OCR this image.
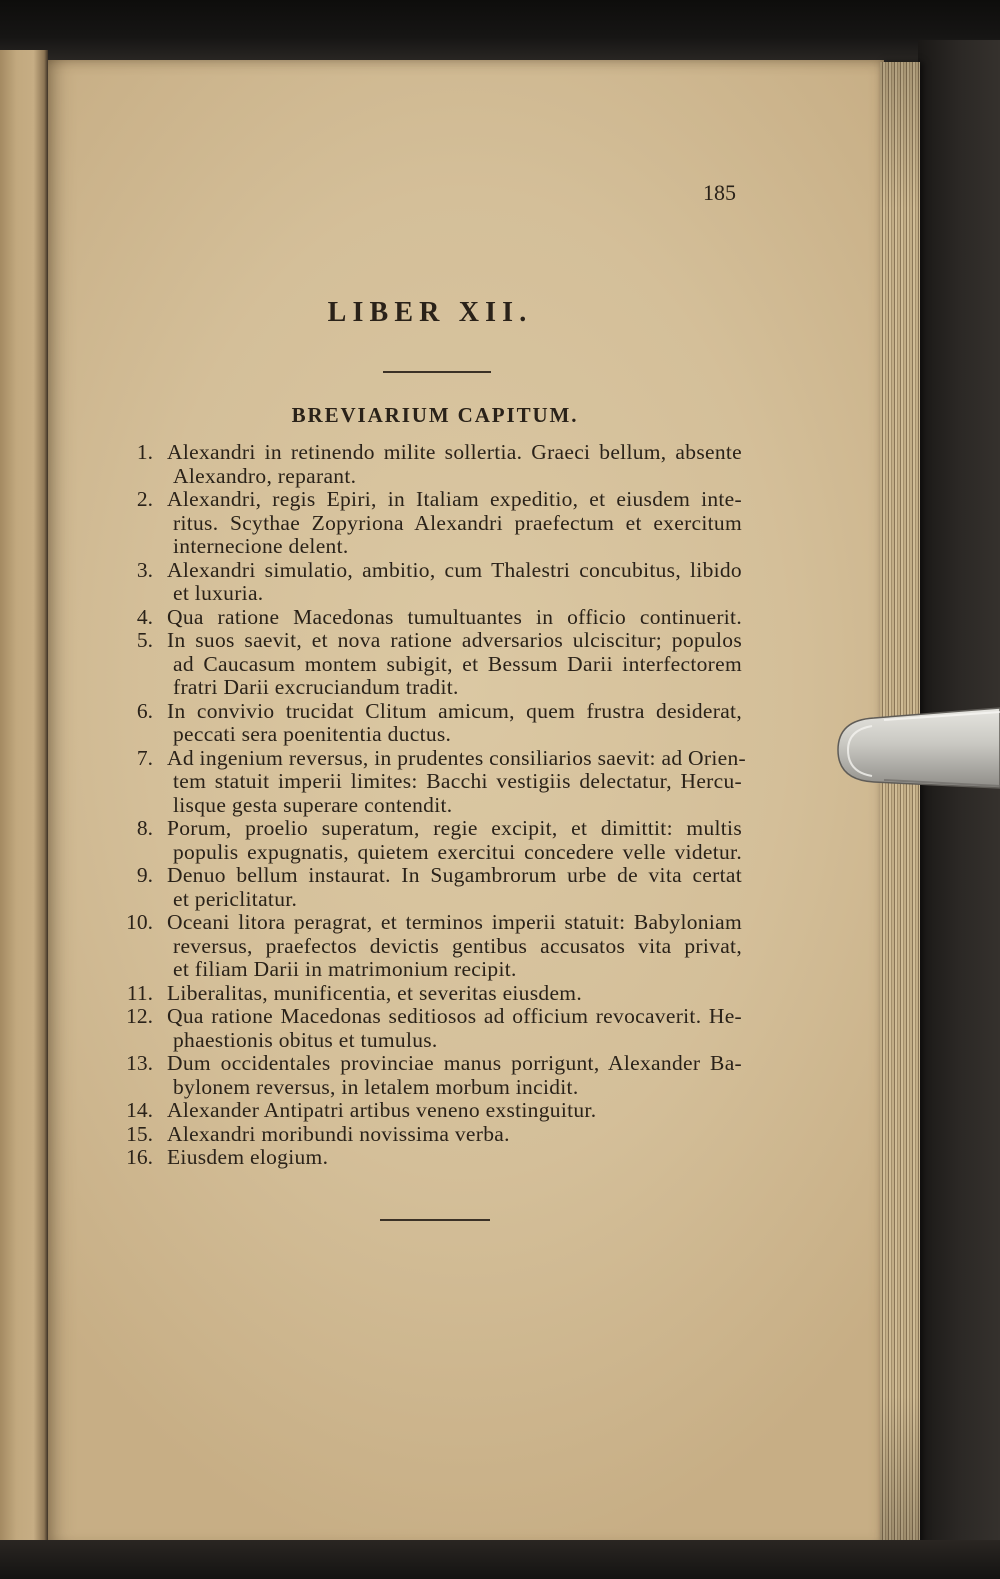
185
LIBER XII.
BREVIARIUM CAPITUM.
1. Alexandri in retinendo milite sollertia. Graeci bellum, absente
Alexandro, reparant.
2. Alexandri, regis Epiri, in Italiam expeditio, et eiusdem inte-
ritus. Scythae Zopyriona Alexandri praefectum et exercitum
internecione delent.
3. Alexandri simulatio, ambitio, cum Thalestri concubitus, libido
et luxuria.
4. Qua ratione Macedonas tumultuantes in officio continuerit.
5. In suos saevit, et nova ratione adversarios ulciscitur; populos
ad Caucasum montem subigit, et Bessum Darii interfectorem
fratri Darii excruciandum tradit.
6. In convivio trucidat Clitum amicum, quem frustra desiderat,
peccati sera poenitentia ductus.
7. Ad ingenium reversus, in prudentes consiliarios saevit: ad Orien-
tem statuit imperii limites: Bacchi vestigiis delectatur, Hercu-
lisque gesta superare contendit.
8. Porum, proelio superatum, regie excipit, et dimittit: multis
populis expugnatis, quietem exercitui concedere velle videtur.
9. Denuo bellum instaurat. In Sugambrorum urbe de vita certat
et periclitatur.
10. Oceani litora peragrat, et terminos imperii statuit: Babyloniam
reversus, praefectos devictis gentibus accusatos vita privat,
et filiam Darii in matrimonium recipit.
11. Liberalitas, munificentia, et severitas eiusdem.
12. Qua ratione Macedonas seditiosos ad officium revocaverit. He-
phaestionis obitus et tumulus.
13. Dum occidentales provinciae manus porrigunt, Alexander Ba-
bylonem reversus, in letalem morbum incidit.
14. Alexander Antipatri artibus veneno exstinguitur.
15. Alexandri moribundi novissima verba.
16. Eiusdem elogium.
